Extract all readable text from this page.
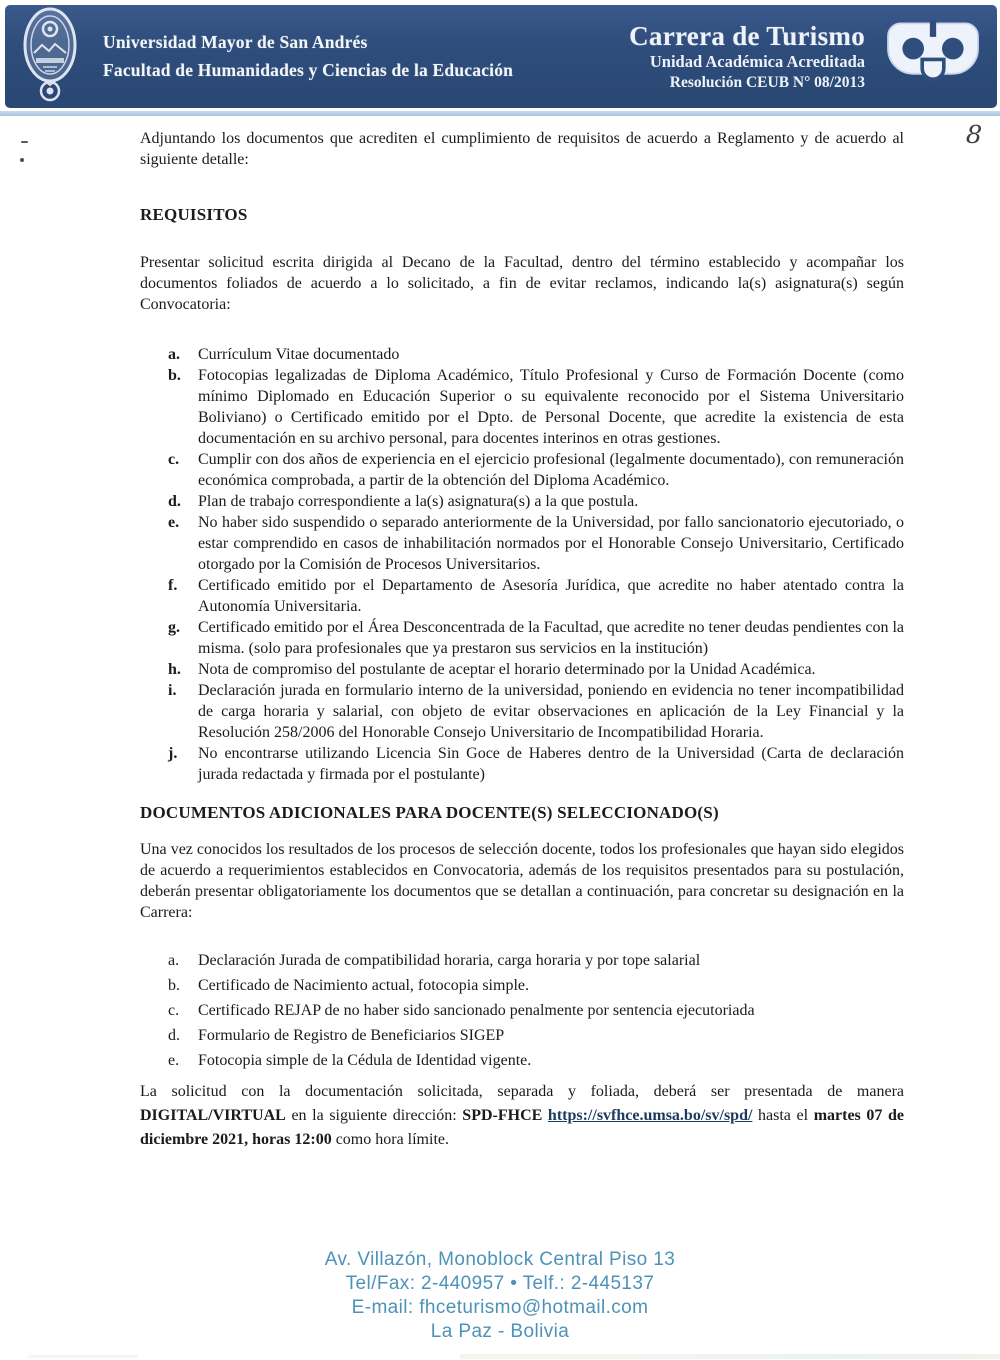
Universidad Mayor de San Andrés
Facultad de Humanidades y Ciencias de la Educación
Carrera de Turismo
Unidad Académica Acreditada
Resolución CEUB N° 08/2013
8

Adjuntando los documentos que acrediten el cumplimiento de requisitos de acuerdo a Reglamento y de acuerdo al siguiente detalle:

REQUISITOS

Presentar solicitud escrita dirigida al Decano de la Facultad, dentro del término establecido y acompañar los documentos foliados de acuerdo a lo solicitado, a fin de evitar reclamos, indicando la(s) asignatura(s) según Convocatoria:

a.	Currículum Vitae documentado
b.	Fotocopias legalizadas de Diploma Académico, Título Profesional y Curso de Formación Docente (como mínimo Diplomado en Educación Superior o su equivalente reconocido por el Sistema Universitario Boliviano) o Certificado emitido por el Dpto. de Personal Docente, que acredite la existencia de esta documentación en su archivo personal, para docentes interinos en otras gestiones.
c.	Cumplir con dos años de experiencia en el ejercicio profesional (legalmente documentado), con remuneración económica comprobada, a partir de la obtención del Diploma Académico.
d.	Plan de trabajo correspondiente a la(s) asignatura(s) a la que postula.
e.	No haber sido suspendido o separado anteriormente de la Universidad, por fallo sancionatorio ejecutoriado, o estar comprendido en casos de inhabilitación normados por el Honorable Consejo Universitario, Certificado otorgado por la Comisión de Procesos Universitarios.
f.	Certificado emitido por el Departamento de Asesoría Jurídica, que acredite no haber atentado contra la Autonomía Universitaria.
g.	Certificado emitido por el Área Desconcentrada de la Facultad, que acredite no tener deudas pendientes con la misma. (solo para profesionales que ya prestaron sus servicios en la institución)
h.	Nota de compromiso del postulante de aceptar el horario determinado por la Unidad Académica.
i.	Declaración jurada en formulario interno de la universidad, poniendo en evidencia no tener incompatibilidad de carga horaria y salarial, con objeto de evitar observaciones en aplicación de la Ley Financial y la Resolución 258/2006 del Honorable Consejo Universitario de Incompatibilidad Horaria.
j.	No encontrarse utilizando Licencia Sin Goce de Haberes dentro de la Universidad (Carta de declaración jurada redactada y firmada por el postulante)
DOCUMENTOS ADICIONALES PARA DOCENTE(S) SELECCIONADO(S)

Una vez conocidos los resultados de los procesos de selección docente, todos los profesionales que hayan sido elegidos de acuerdo a requerimientos establecidos en Convocatoria, además de los requisitos presentados para su postulación, deberán presentar obligatoriamente los documentos que se detallan a continuación, para concretar su designación en la Carrera:

a.	Declaración Jurada de compatibilidad horaria, carga horaria y por tope salarial
b.	Certificado de Nacimiento actual, fotocopia simple.
c.	Certificado REJAP de no haber sido sancionado penalmente por sentencia ejecutoriada
d.	Formulario de Registro de Beneficiarios SIGEP
e.	Fotocopia simple de la Cédula de Identidad vigente.

La solicitud con la documentación solicitada, separada y foliada, deberá ser presentada de manera DIGITAL/VIRTUAL en la siguiente dirección: SPD-FHCE https://svfhce.umsa.bo/sv/spd/ hasta el martes 07 de diciembre 2021, horas 12:00 como hora límite.

Av. Villazón, Monoblock Central Piso 13
Tel/Fax: 2-440957 • Telf.: 2-445137
E-mail: fhceturismo@hotmail.com
La Paz - Bolivia
